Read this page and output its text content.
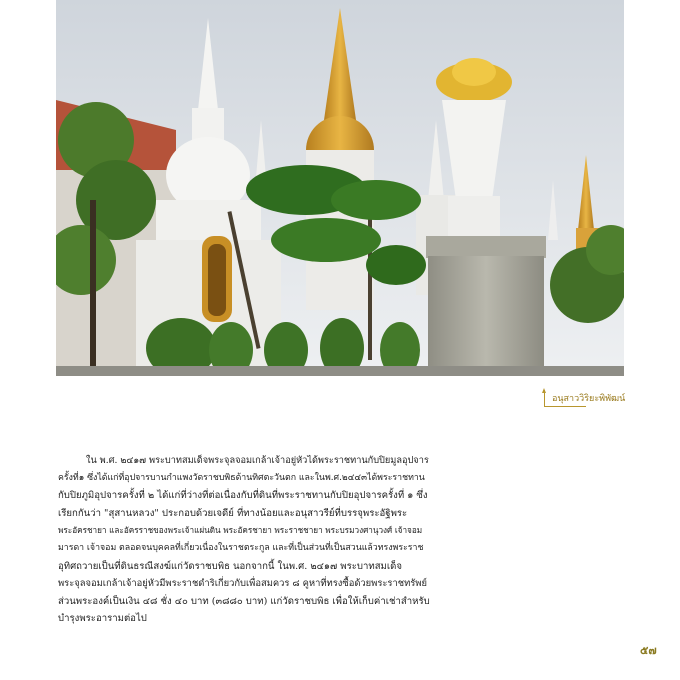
อนุสาววิริยะพิพัฒน์

ใน พ.ศ. ๒๔๑๗ พระบาทสมเด็จพระจุลจอมเกล้าเจ้าอยู่หัวได้พระราชทานกับปิยมูลอุปจาร

ครั้งที่๑ ซึ่งได้แก่ที่อุปจารบานกำแพงวัดราชบพิธด้านทิศตะวันตก และในพ.ศ.๒๔๔๓ได้พระราชทาน

กับปิยภูมิอุปจารครั้งที่ ๒ ได้แก่ที่ว่างที่ต่อเนื่องกับที่ดินที่พระราชทานกับปิยอุปจารครั้งที่ ๑ ซึ่ง

เรียกกันว่า "สุสานหลวง" ประกอบด้วยเจดีย์ ที่ทางน้อยและอนุสาวรีย์ที่บรรจุพระอัฐิพระ

พระอัครชายา และอัครราชของพระเจ้าแผ่นดิน พระอัครชายา พระราชชายา พระบรมวงศานุวงศ์ เจ้าจอม

มารดา เจ้าจอม ตลอดจนบุคคลที่เกี่ยวเนื่องในราชตระกูล และที่เป็นส่วนที่เป็นสวนแล้วทรงพระราช

อุทิศถวายเป็นที่ดินธรณีสงฆ์แก่วัดราชบพิธ นอกจากนี้ ในพ.ศ. ๒๔๑๗ พระบาทสมเด็จ

พระจุลจอมเกล้าเจ้าอยู่หัวมีพระราชดำริเกี่ยวกับเพื่อสมควร ๘ คูหาที่ทรงซื้อด้วยพระราชทรัพย์

ส่วนพระองค์เป็นเงิน ๔๘ ชั่ง ๔๐ บาท (๓๘๘๐ บาท) แก่วัดราชบพิธ เพื่อให้เก็บค่าเช่าสำหรับ

บำรุงพระอารามต่อไป

๕๗
